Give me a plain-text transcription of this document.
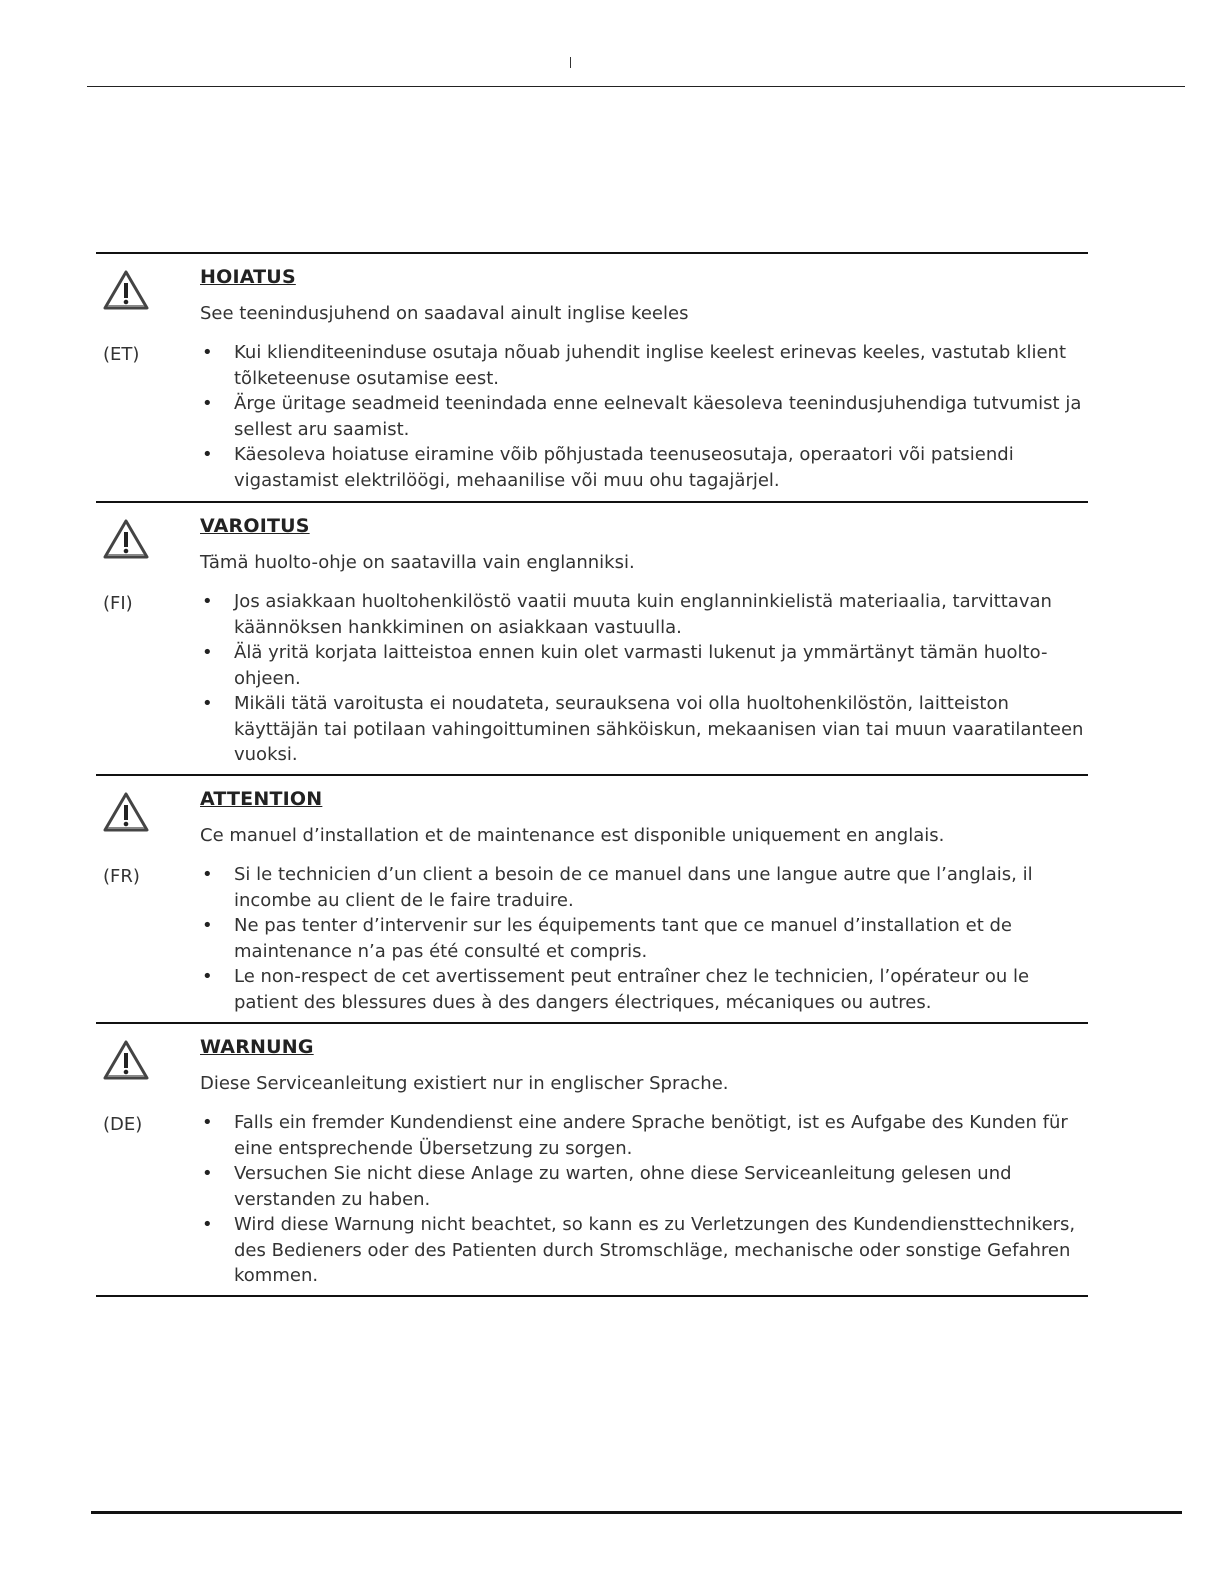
(ET)
HOIATUS
See teenindusjuhend on saadaval ainult inglise keeles
• Kui klienditeeninduse osutaja nõuab juhendit inglise keelest erinevas keeles, vastutab klient tõlketeenuse osutamise eest.
• Ärge üritage seadmeid teenindada enne eelnevalt käesoleva teenindusjuhendiga tutvumist ja sellest aru saamist.
• Käesoleva hoiatuse eiramine võib põhjustada teenuseosutaja, operaatori või patsiendi vigastamist elektrilöögi, mehaanilise või muu ohu tagajärjel.
(FI)
VAROITUS
Tämä huolto-ohje on saatavilla vain englanniksi.
• Jos asiakkaan huoltohenkilöstö vaatii muuta kuin englanninkielistä materiaalia, tarvittavan käännöksen hankkiminen on asiakkaan vastuulla.
• Älä yritä korjata laitteistoa ennen kuin olet varmasti lukenut ja ymmärtänyt tämän huolto-ohjeen.
• Mikäli tätä varoitusta ei noudateta, seurauksena voi olla huoltohenkilöstön, laitteiston käyttäjän tai potilaan vahingoittuminen sähköiskun, mekaanisen vian tai muun vaaratilanteen vuoksi.
(FR)
ATTENTION
Ce manuel d’installation et de maintenance est disponible uniquement en anglais.
• Si le technicien d’un client a besoin de ce manuel dans une langue autre que l’anglais, il incombe au client de le faire traduire.
• Ne pas tenter d’intervenir sur les équipements tant que ce manuel d’installation et de maintenance n’a pas été consulté et compris.
• Le non-respect de cet avertissement peut entraîner chez le technicien, l’opérateur ou le patient des blessures dues à des dangers électriques, mécaniques ou autres.
(DE)
WARNUNG
Diese Serviceanleitung existiert nur in englischer Sprache.
• Falls ein fremder Kundendienst eine andere Sprache benötigt, ist es Aufgabe des Kunden für eine entsprechende Übersetzung zu sorgen.
• Versuchen Sie nicht diese Anlage zu warten, ohne diese Serviceanleitung gelesen und verstanden zu haben.
• Wird diese Warnung nicht beachtet, so kann es zu Verletzungen des Kundendiensttechnikers, des Bedieners oder des Patienten durch Stromschläge, mechanische oder sonstige Gefahren kommen.
